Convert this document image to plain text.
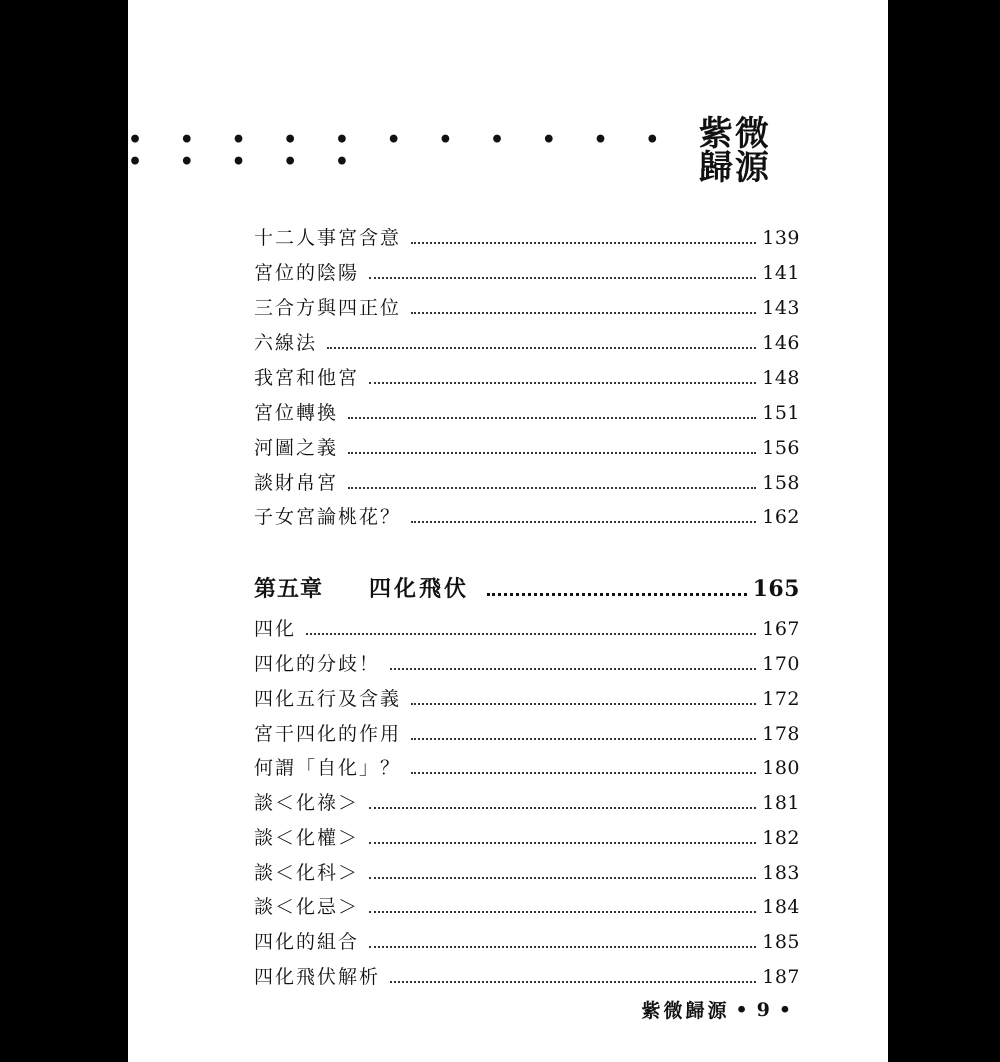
• • • • • • • • • • • • • • • •
紫微歸源
十二人事宮含意	139
宮位的陰陽	141
三合方與四正位	143
六線法	146
我宮和他宮	148
宮位轉換	151
河圖之義	156
談財帛宮	158
子女宮論桃花？	162
第五章 四化飛伏	165
四化	167
四化的分歧！	170
四化五行及含義	172
宮干四化的作用	178
何謂「自化」？	180
談＜化祿＞	181
談＜化權＞	182
談＜化科＞	183
談＜化忌＞	184
四化的組合	185
四化飛伏解析	187
紫微歸源 • 9 •
